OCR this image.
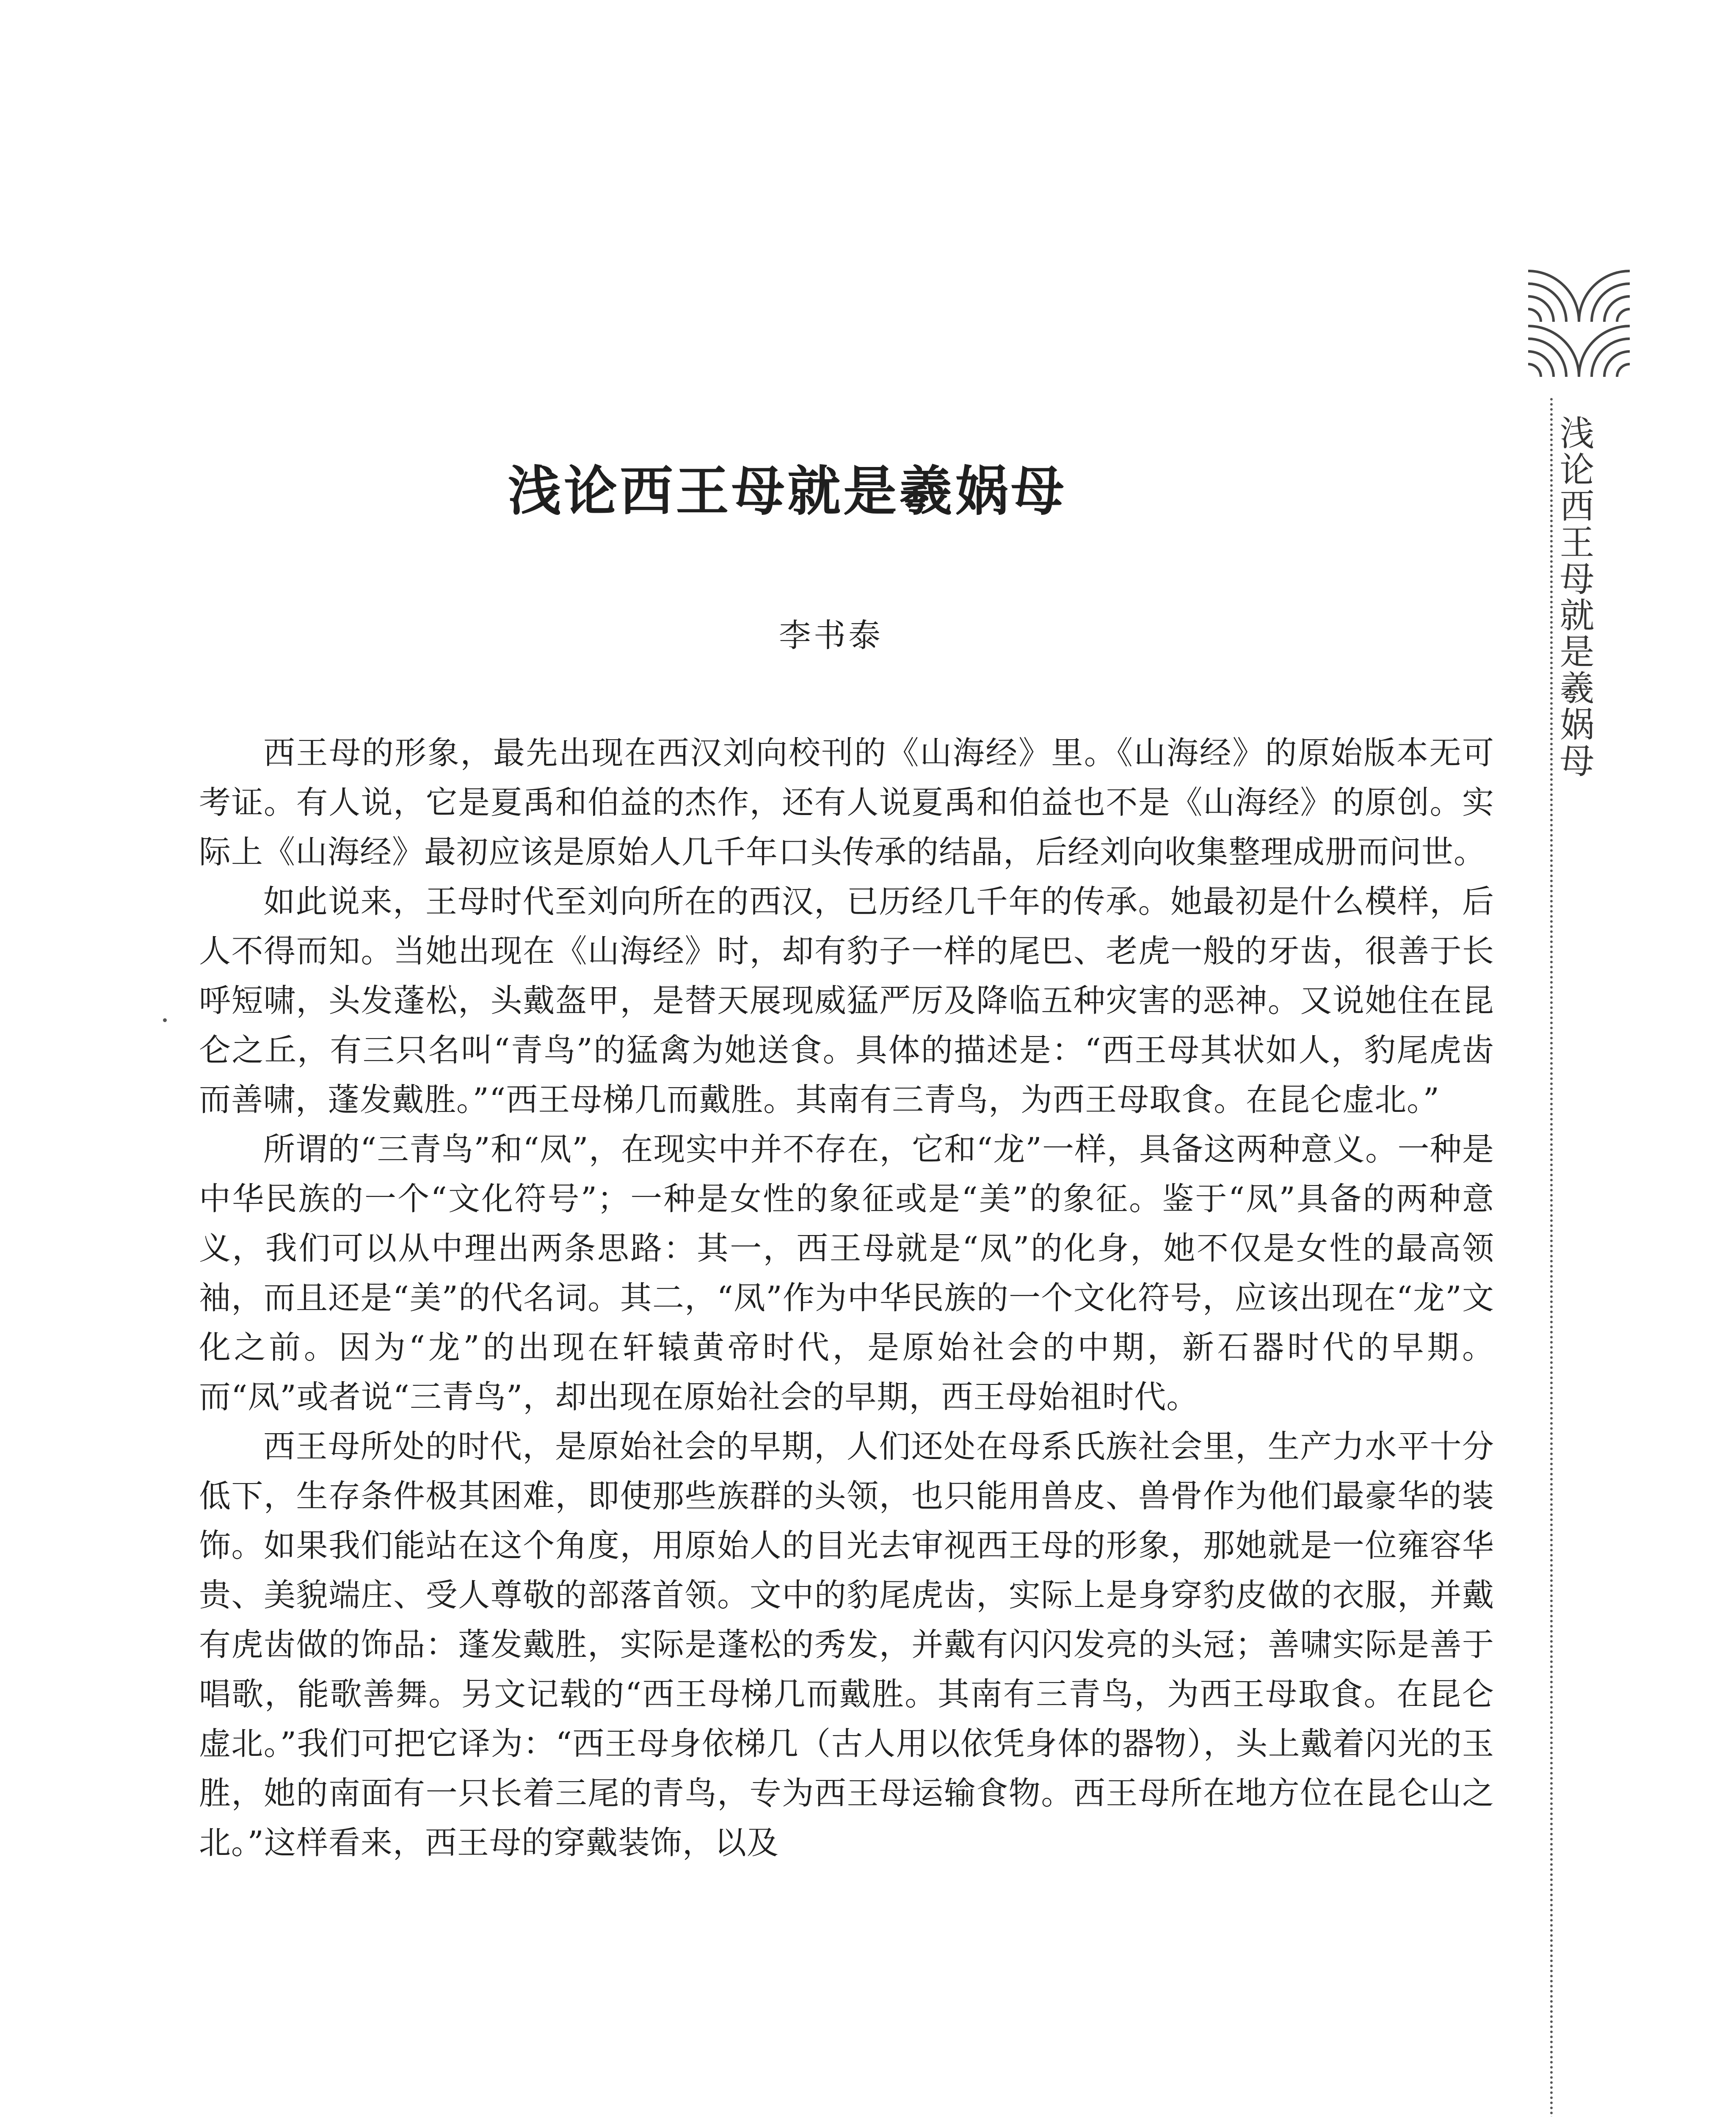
浅论西王母就是羲娲母

李书泰

西王母的形象，最先出现在西汉刘向校刊的《山海经》里。《山海经》的原始版本无可考证。有人说，它是夏禹和伯益的杰作，还有人说夏禹和伯益也不是《山海经》的原创。实际上《山海经》最初应该是原始人几千年口头传承的结晶，后经刘向收集整理成册而问世。

如此说来，王母时代至刘向所在的西汉，已历经几千年的传承。她最初是什么模样，后人不得而知。当她出现在《山海经》时，却有豹子一样的尾巴、老虎一般的牙齿，很善于长呼短啸，头发蓬松，头戴盔甲，是替天展现威猛严厉及降临五种灾害的恶神。又说她住在昆仑之丘，有三只名叫“青鸟”的猛禽为她送食。具体的描述是：“西王母其状如人，豹尾虎齿而善啸，蓬发戴胜。”“西王母梯几而戴胜。其南有三青鸟，为西王母取食。在昆仑虚北。”

所谓的“三青鸟”和“凤”，在现实中并不存在，它和“龙”一样，具备这两种意义。一种是中华民族的一个“文化符号”；一种是女性的象征或是“美”的象征。鉴于“凤”具备的两种意义，我们可以从中理出两条思路：其一，西王母就是“凤”的化身，她不仅是女性的最高领袖，而且还是“美”的代名词。其二，“凤”作为中华民族的一个文化符号，应该出现在“龙”文化之前。因为“龙”的出现在轩辕黄帝时代，是原始社会的中期，新石器时代的早期。而“凤”或者说“三青鸟”，却出现在原始社会的早期，西王母始祖时代。

西王母所处的时代，是原始社会的早期，人们还处在母系氏族社会里，生产力水平十分低下，生存条件极其困难，即使那些族群的头领，也只能用兽皮、兽骨作为他们最豪华的装饰。如果我们能站在这个角度，用原始人的目光去审视西王母的形象，那她就是一位雍容华贵、美貌端庄、受人尊敬的部落首领。文中的豹尾虎齿，实际上是身穿豹皮做的衣服，并戴有虎齿做的饰品：蓬发戴胜，实际是蓬松的秀发，并戴有闪闪发亮的头冠；善啸实际是善于唱歌，能歌善舞。另文记载的“西王母梯几而戴胜。其南有三青鸟，为西王母取食。在昆仑虚北。”我们可把它译为：“西王母身依梯几（古人用以依凭身体的器物），头上戴着闪光的玉胜，她的南面有一只长着三尾的青鸟，专为西王母运输食物。西王母所在地方位在昆仑山之北。”这样看来，西王母的穿戴装饰，以及

浅论西王母就是羲娲母
